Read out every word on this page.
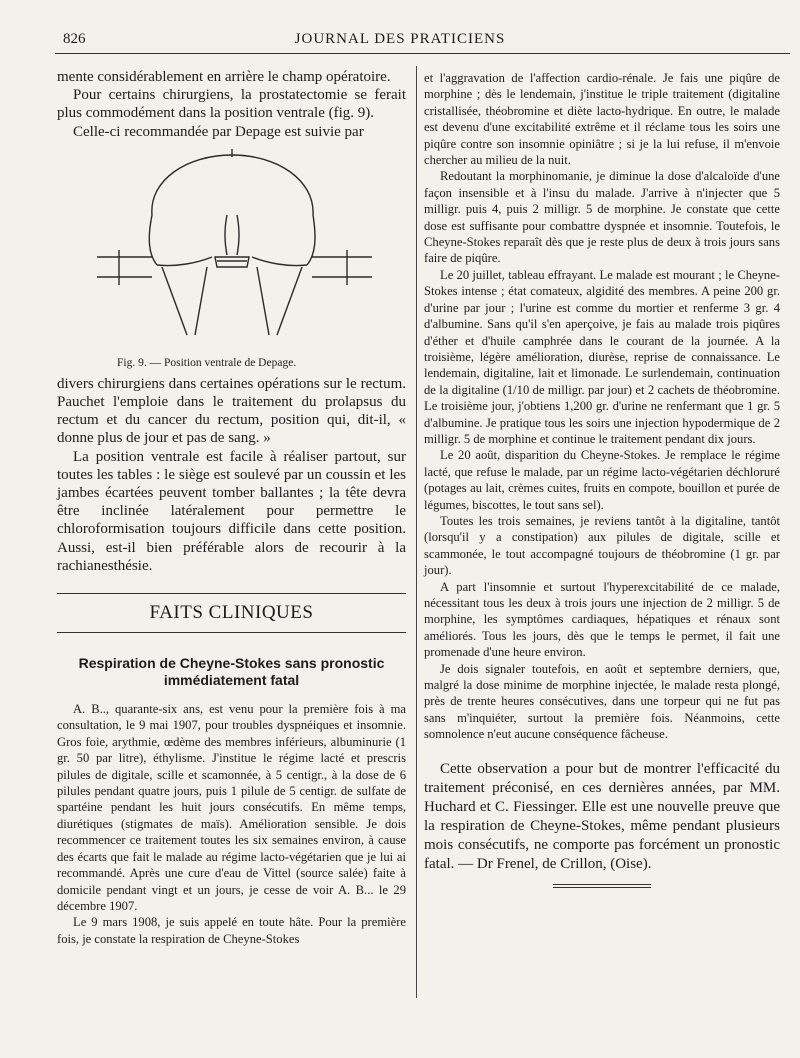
826	JOURNAL DES PRATICIENS

mente considérablement en arrière le champ opératoire.

Pour certains chirurgiens, la prostatectomie se ferait plus commodément dans la position ventrale (fig. 9).

Celle-ci recommandée par Depage est suivie par

Fig. 9. — Position ventrale de Depage.

divers chirurgiens dans certaines opérations sur le rectum. Pauchet l'emploie dans le traitement du prolapsus du rectum et du cancer du rectum, position qui, dit-il, « donne plus de jour et pas de sang. »

La position ventrale est facile à réaliser partout, sur toutes les tables : le siège est soulevé par un coussin et les jambes écartées peuvent tomber ballantes ; la tête devra être inclinée latéralement pour permettre le chloroformisation toujours difficile dans cette position. Aussi, est-il bien préférable alors de recourir à la rachianesthésie.

FAITS CLINIQUES
Respiration de Cheyne-Stokes sans pronostic immédiatement fatal

A. B.., quarante-six ans, est venu pour la première fois à ma consultation, le 9 mai 1907, pour troubles dyspnéiques et insomnie. Gros foie, arythmie, œdème des membres inférieurs, albuminurie (1 gr. 50 par litre), éthylisme. J'institue le régime lacté et prescris pilules de digitale, scille et scamonnée, à 5 centigr., à la dose de 6 pilules pendant quatre jours, puis 1 pilule de 5 centigr. de sulfate de spartéine pendant les huit jours consécutifs. En même temps, diurétiques (stigmates de maïs). Amélioration sensible. Je dois recommencer ce traitement toutes les six semaines environ, à cause des écarts que fait le malade au régime lacto-végétarien que je lui ai recommandé. Après une cure d'eau de Vittel (source salée) faite à domicile pendant vingt et un jours, je cesse de voir A. B... le 29 décembre 1907.

Le 9 mars 1908, je suis appelé en toute hâte. Pour la première fois, je constate la respiration de Cheyne-Stokes

et l'aggravation de l'affection cardio-rénale. Je fais une piqûre de morphine ; dès le lendemain, j'institue le triple traitement (digitaline cristallisée, théobromine et diète lacto-hydrique. En outre, le malade est devenu d'une excitabilité extrême et il réclame tous les soirs une piqûre contre son insomnie opiniâtre ; si je la lui refuse, il m'envoie chercher au milieu de la nuit.

Redoutant la morphinomanie, je diminue la dose d'alcaloïde d'une façon insensible et à l'insu du malade. J'arrive à n'injecter que 5 milligr. puis 4, puis 2 milligr. 5 de morphine. Je constate que cette dose est suffisante pour combattre dyspnée et insomnie. Toutefois, le Cheyne-Stokes reparaît dès que je reste plus de deux à trois jours sans faire de piqûre.

Le 20 juillet, tableau effrayant. Le malade est mourant ; le Cheyne-Stokes intense ; état comateux, algidité des membres. A peine 200 gr. d'urine par jour ; l'urine est comme du mortier et renferme 3 gr. 4 d'albumine. Sans qu'il s'en aperçoive, je fais au malade trois piqûres d'éther et d'huile camphrée dans le courant de la journée. A la troisième, légère amélioration, diurèse, reprise de connaissance. Le lendemain, digitaline, lait et limonade. Le surlendemain, continuation de la digitaline (1/10 de milligr. par jour) et 2 cachets de théobromine. Le troisième jour, j'obtiens 1,200 gr. d'urine ne renfermant que 1 gr. 5 d'albumine. Je pratique tous les soirs une injection hypodermique de 2 milligr. 5 de morphine et continue le traitement pendant dix jours.

Le 20 août, disparition du Cheyne-Stokes. Je remplace le régime lacté, que refuse le malade, par un régime lacto-végétarien déchloruré (potages au lait, crèmes cuites, fruits en compote, bouillon et purée de légumes, biscottes, le tout sans sel).

Toutes les trois semaines, je reviens tantôt à la digitaline, tantôt (lorsqu'il y a constipation) aux pilules de digitale, scille et scammonée, le tout accompagné toujours de théobromine (1 gr. par jour).

A part l'insomnie et surtout l'hyperexcitabilité de ce malade, nécessitant tous les deux à trois jours une injection de 2 milligr. 5 de morphine, les symptômes cardiaques, hépatiques et rénaux sont améliorés. Tous les jours, dès que le temps le permet, il fait une promenade d'une heure environ.

Je dois signaler toutefois, en août et septembre derniers, que, malgré la dose minime de morphine injectée, le malade resta plongé, près de trente heures consécutives, dans une torpeur qui ne fut pas sans m'inquiéter, surtout la première fois. Néanmoins, cette somnolence n'eut aucune conséquence fâcheuse.

Cette observation a pour but de montrer l'efficacité du traitement préconisé, en ces dernières années, par MM. Huchard et C. Fiessinger. Elle est une nouvelle preuve que la respiration de Cheyne-Stokes, même pendant plusieurs mois consécutifs, ne comporte pas forcément un pronostic fatal. — Dr Frenel, de Crillon, (Oise).
